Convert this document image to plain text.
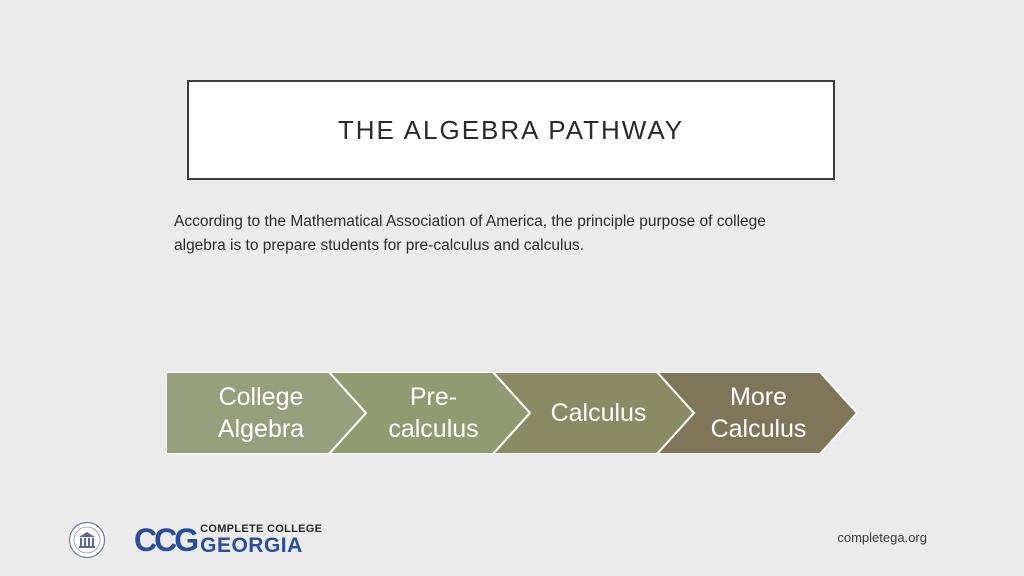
THE ALGEBRA PATHWAY
According to the Mathematical Association of America, the principle purpose of college algebra is to prepare students for pre-calculus and calculus.
College
Algebra
Pre-
calculus
Calculus
More
Calculus
CCG COMPLETE COLLEGE
GEORGIA	completega.org
